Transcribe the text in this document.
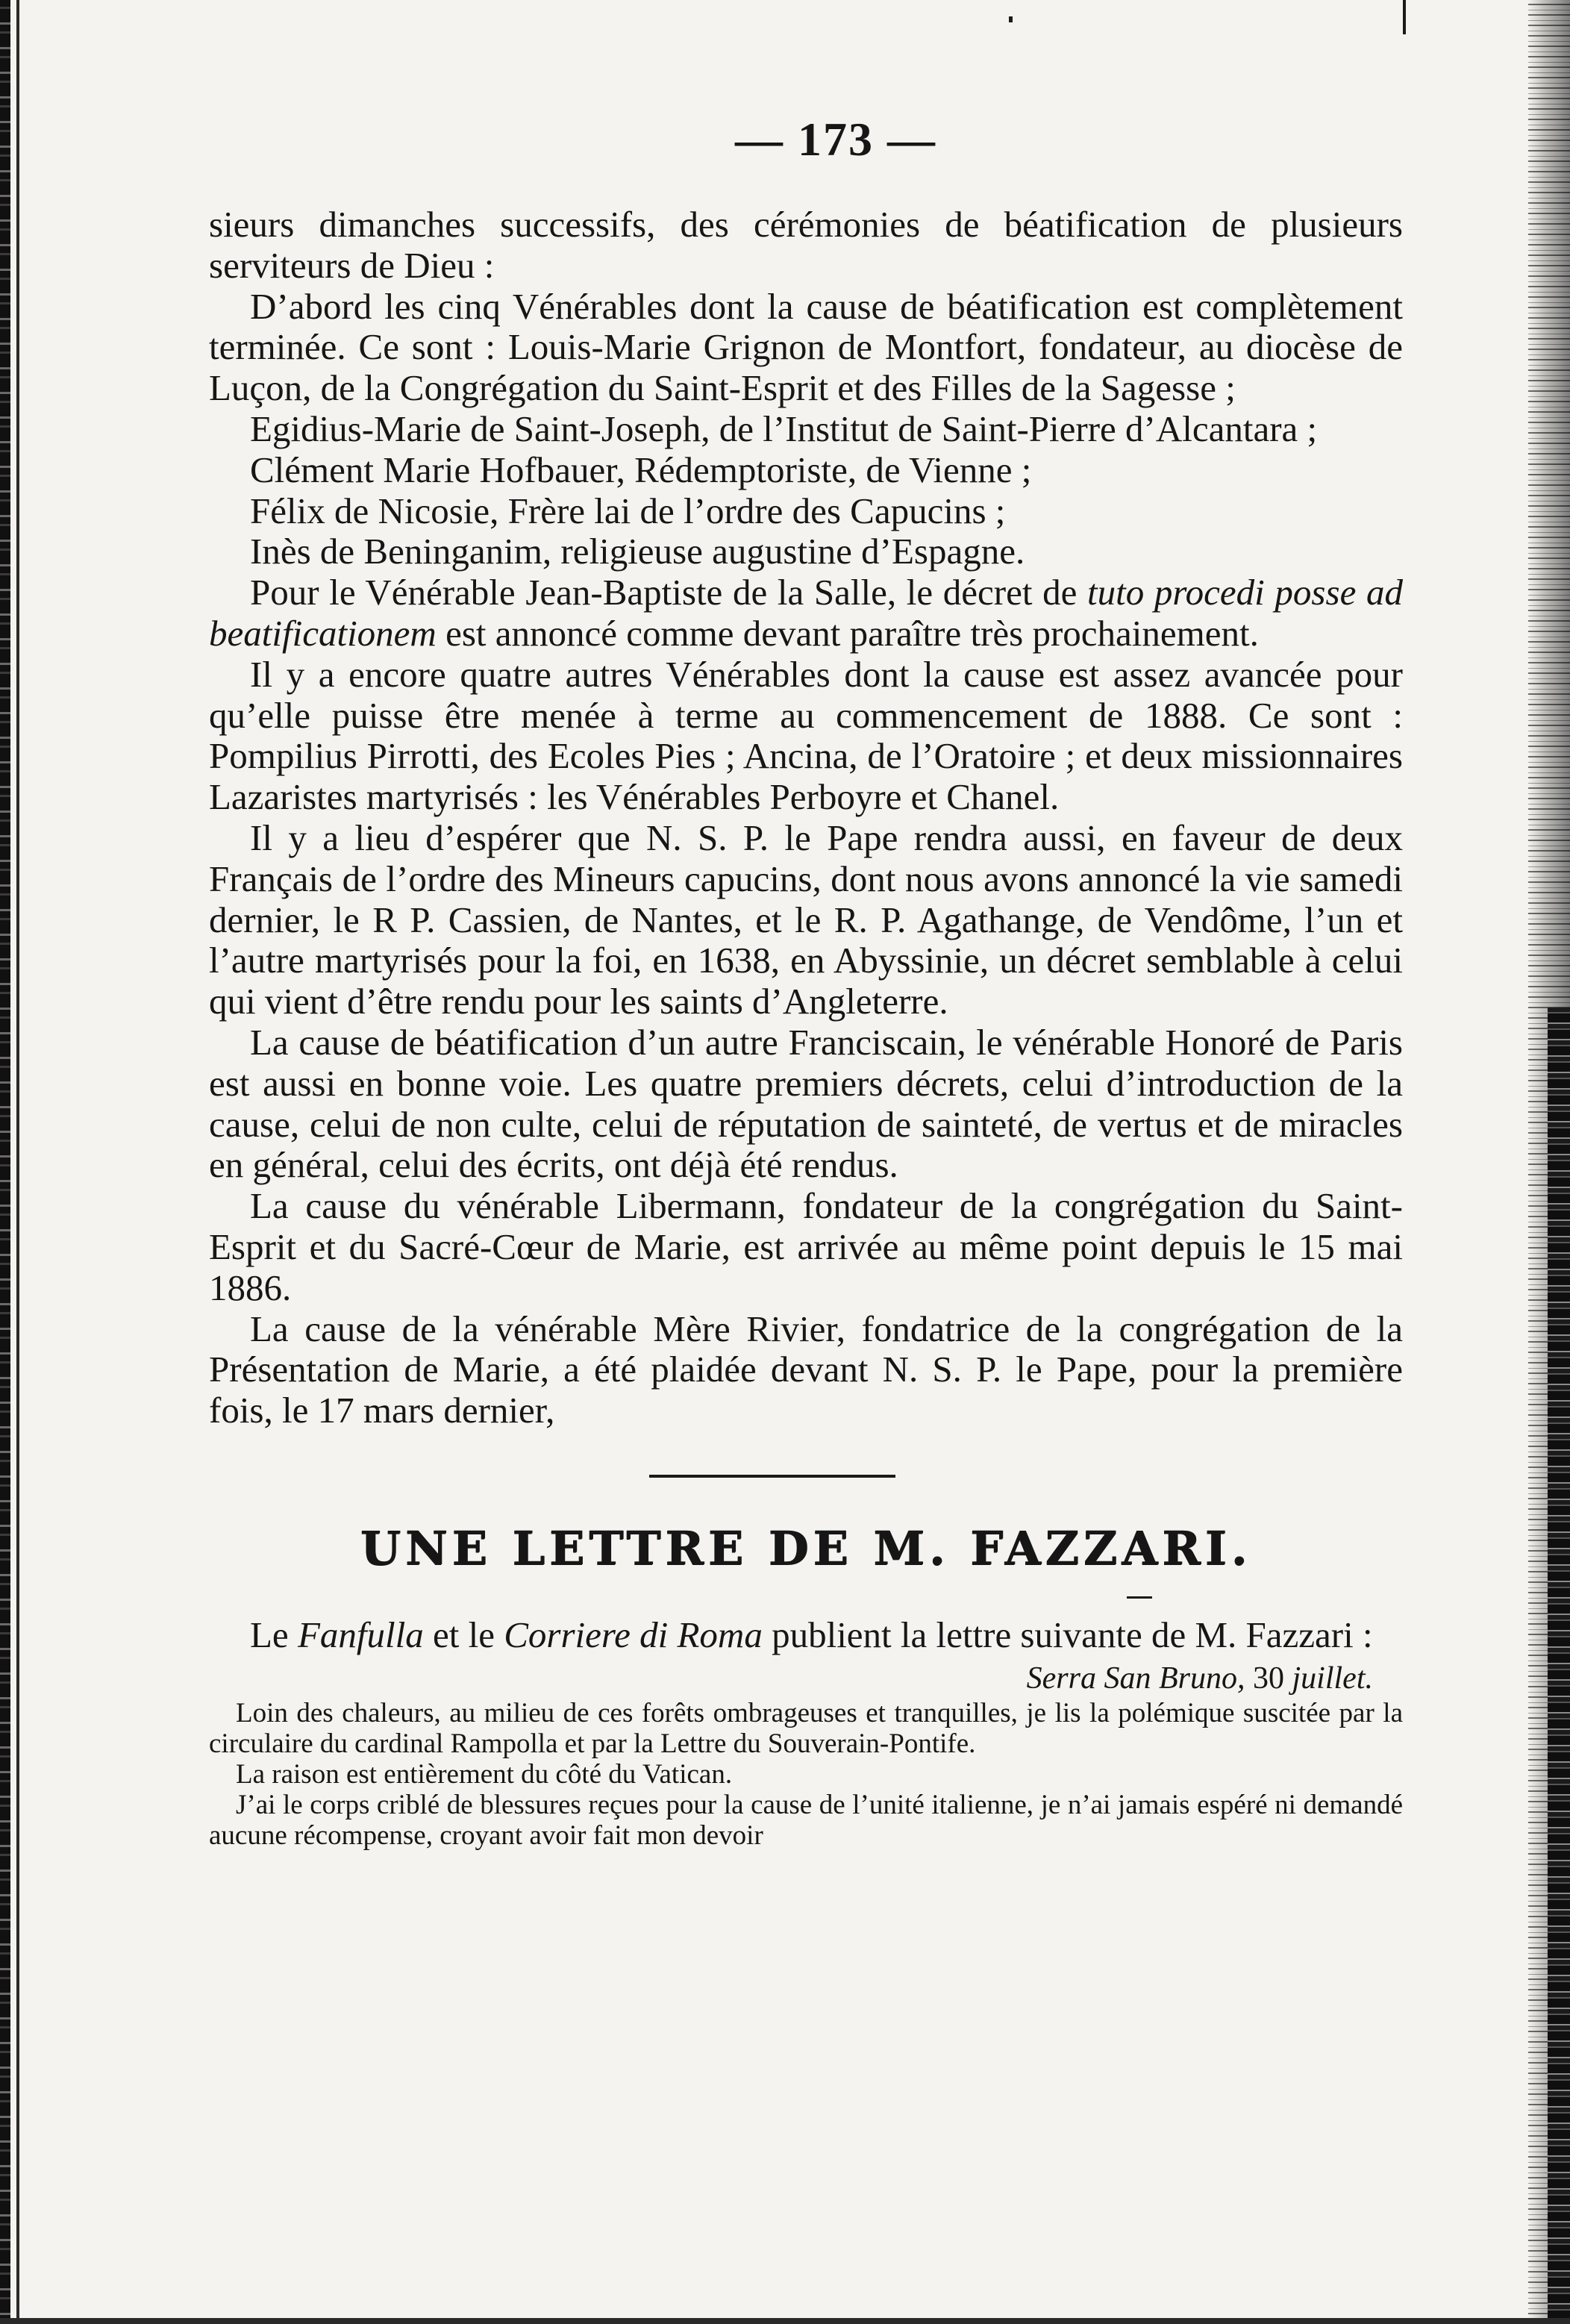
— 173 —

sieurs dimanches successifs, des cérémonies de béatification de plusieurs serviteurs de Dieu :

D’abord les cinq Vénérables dont la cause de béatification est complètement terminée. Ce sont : Louis-Marie Grignon de Montfort, fondateur, au diocèse de Luçon, de la Congrégation du Saint-Esprit et des Filles de la Sagesse ;

Egidius-Marie de Saint-Joseph, de l’Institut de Saint-Pierre d’Alcantara ;

Clément Marie Hofbauer, Rédemptoriste, de Vienne ;

Félix de Nicosie, Frère lai de l’ordre des Capucins ;

Inès de Beninganim, religieuse augustine d’Espagne.

Pour le Vénérable Jean-Baptiste de la Salle, le décret de tuto procedi posse ad beatificationem est annoncé comme devant paraître très prochainement.

Il y a encore quatre autres Vénérables dont la cause est assez avancée pour qu’elle puisse être menée à terme au commencement de 1888. Ce sont : Pompilius Pirrotti, des Ecoles Pies ; Ancina, de l’Oratoire ; et deux missionnaires Lazaristes martyrisés : les Vénérables Perboyre et Chanel.

Il y a lieu d’espérer que N. S. P. le Pape rendra aussi, en faveur de deux Français de l’ordre des Mineurs capucins, dont nous avons annoncé la vie samedi dernier, le R P. Cassien, de Nantes, et le R. P. Agathange, de Vendôme, l’un et l’autre martyrisés pour la foi, en 1638, en Abyssinie, un décret semblable à celui qui vient d’être rendu pour les saints d’Angleterre.

La cause de béatification d’un autre Franciscain, le vénérable Honoré de Paris est aussi en bonne voie. Les quatre premiers décrets, celui d’introduction de la cause, celui de non culte, celui de réputation de sainteté, de vertus et de miracles en général, celui des écrits, ont déjà été rendus.

La cause du vénérable Libermann, fondateur de la congrégation du Saint-Esprit et du Sacré-Cœur de Marie, est arrivée au même point depuis le 15 mai 1886.

La cause de la vénérable Mère Rivier, fondatrice de la congrégation de la Présentation de Marie, a été plaidée devant N. S. P. le Pape, pour la première fois, le 17 mars dernier,

UNE LETTRE DE M. FAZZARI.

Le Fanfulla et le Corriere di Roma publient la lettre suivante de M. Fazzari :

Serra San Bruno, 30 juillet.

Loin des chaleurs, au milieu de ces forêts ombrageuses et tranquilles, je lis la polémique suscitée par la circulaire du cardinal Rampolla et par la Lettre du Souverain-Pontife.

La raison est entièrement du côté du Vatican.

J’ai le corps criblé de blessures reçues pour la cause de l’unité italienne, je n’ai jamais espéré ni demandé aucune récompense, croyant avoir fait mon devoir
